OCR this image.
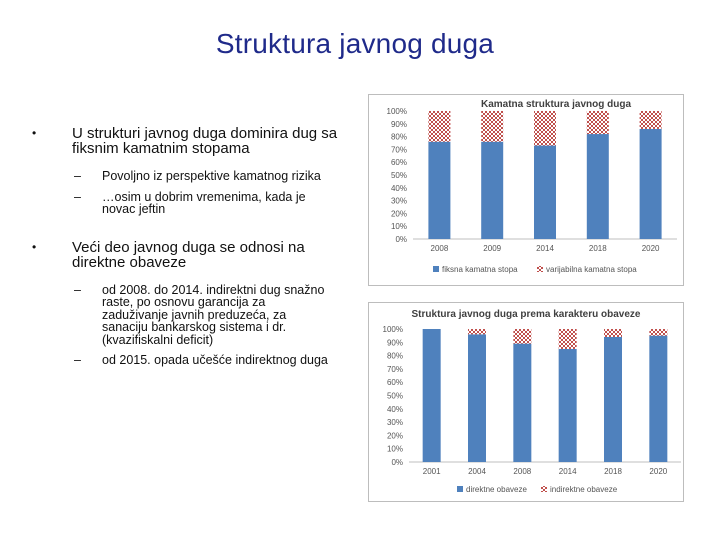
Struktura javnog duga
•	U strukturi javnog duga dominira dug sa fiksnim kamatnim stopama
–	Povoljno iz perspektive kamatnog rizika
–	…osim u dobrim vremenima, kada je novac jeftin
•	Veći deo javnog duga se odnosi na direktne obaveze
–	od 2008. do 2014. indirektni dug snažno raste, po osnovu garancija za zaduživanje javnih preduzeća, za sanaciju bankarskog sistema i dr. (kvazifiskalni deficit)
–	od 2015. opada učešće indirektnog duga
Kamatna struktura javnog duga
0%
10%
20%
30%
40%
50%
60%
70%
80%
90%
100%
2008	2009	2014	2018	2020
fiksna kamatna stopa	varijabilna kamatna stopa
Struktura javnog duga prema karakteru obaveze
0%
10%
20%
30%
40%
50%
60%
70%
80%
90%
100%
2001	2004	2008	2014	2018	2020
direktne obaveze	indirektne obaveze
